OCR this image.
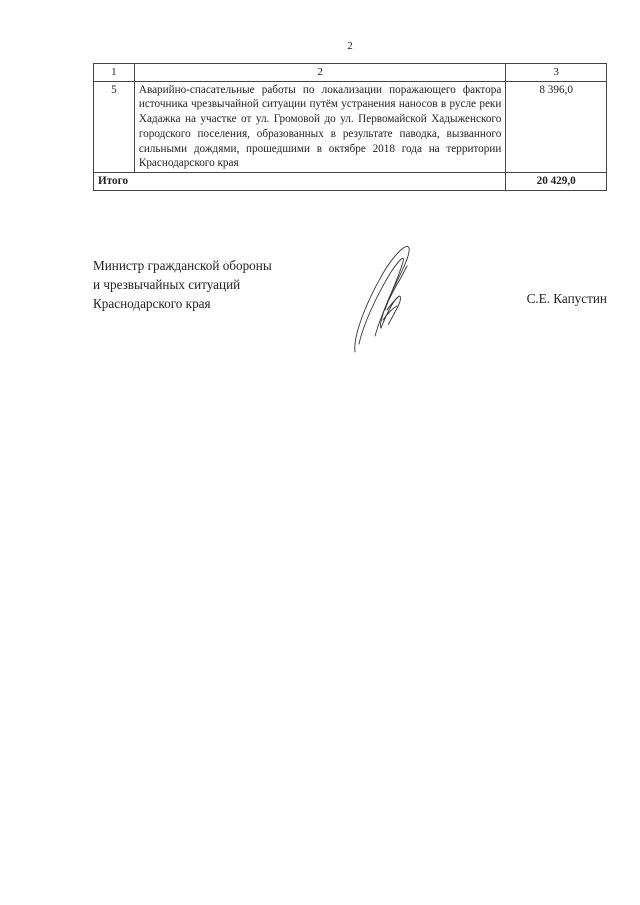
2
1	2	3
5	Аварийно-спасательные работы по локализации поражающего фактора источника чрезвычайной ситуации путём устранения наносов в русле реки Хадажка на участке от ул. Громовой до ул. Первомайской Хадыженского городского поселения, образованных в результате паводка, вызванного сильными дождями, прошедшими в октябре 2018 года на территории Краснодарского края	8 396,0
Итого		20 429,0
Министр гражданской обороны
и чрезвычайных ситуаций
Краснодарского края	С.Е. Капустин
